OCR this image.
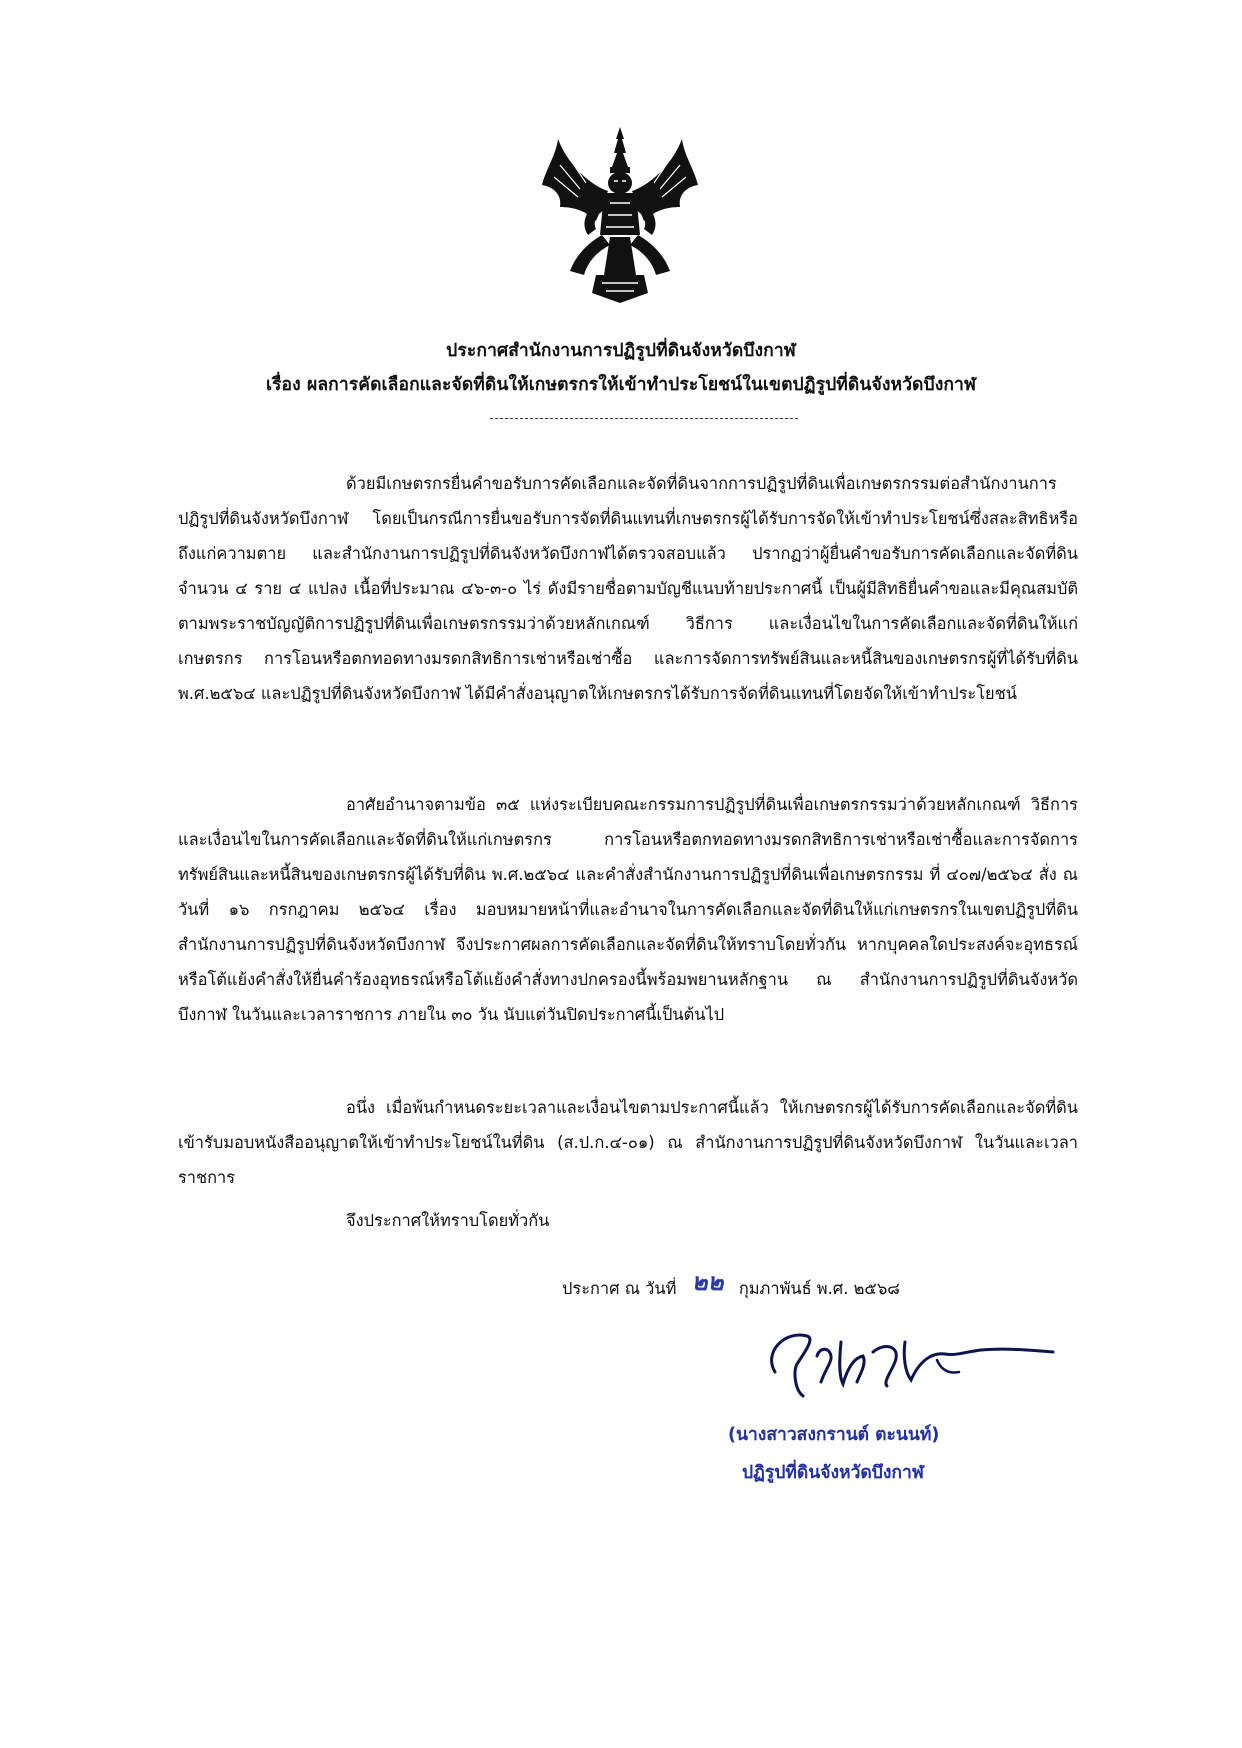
ประกาศสำนักงานการปฏิรูปที่ดินจังหวัดบึงกาฬ
เรื่อง ผลการคัดเลือกและจัดที่ดินให้เกษตรกรให้เข้าทำประโยชน์ในเขตปฏิรูปที่ดินจังหวัดบึงกาฬ

ด้วยมีเกษตรกรยื่นคำขอรับการคัดเลือกและจัดที่ดินจากการปฏิรูปที่ดินเพื่อเกษตรกรรมต่อสำนักงานการปฏิรูปที่ดินจังหวัดบึงกาฬ โดยเป็นกรณีการยื่นขอรับการจัดที่ดินแทนที่เกษตรกรผู้ได้รับการจัดให้เข้าทำประโยชน์ซึ่งสละสิทธิหรือถึงแก่ความตาย และสำนักงานการปฏิรูปที่ดินจังหวัดบึงกาฬได้ตรวจสอบแล้ว ปรากฏว่าผู้ยื่นคำขอรับการคัดเลือกและจัดที่ดิน จำนวน ๔ ราย ๔ แปลง เนื้อที่ประมาณ ๔๖-๓-๐ ไร่ ดังมีรายชื่อตามบัญชีแนบท้ายประกาศนี้ เป็นผู้มีสิทธิยื่นคำขอและมีคุณสมบัติตามพระราชบัญญัติการปฏิรูปที่ดินเพื่อเกษตรกรรมว่าด้วยหลักเกณฑ์ วิธีการ และเงื่อนไขในการคัดเลือกและจัดที่ดินให้แก่เกษตรกร การโอนหรือตกทอดทางมรดกสิทธิการเช่าหรือเช่าซื้อ และการจัดการทรัพย์สินและหนี้สินของเกษตรกรผู้ที่ได้รับที่ดิน พ.ศ.๒๕๖๔ และปฏิรูปที่ดินจังหวัดบึงกาฬ ได้มีคำสั่งอนุญาตให้เกษตรกรได้รับการจัดที่ดินแทนที่โดยจัดให้เข้าทำประโยชน์

อาศัยอำนาจตามข้อ ๓๕ แห่งระเบียบคณะกรรมการปฏิรูปที่ดินเพื่อเกษตรกรรมว่าด้วยหลักเกณฑ์ วิธีการ และเงื่อนไขในการคัดเลือกและจัดที่ดินให้แก่เกษตรกร การโอนหรือตกทอดทางมรดกสิทธิการเช่าหรือเช่าซื้อและการจัดการทรัพย์สินและหนี้สินของเกษตรกรผู้ได้รับที่ดิน พ.ศ.๒๕๖๔ และคำสั่งสำนักงานการปฏิรูปที่ดินเพื่อเกษตรกรรม ที่ ๔๐๗/๒๕๖๔ สั่ง ณ วันที่ ๑๖ กรกฎาคม ๒๕๖๔ เรื่อง มอบหมายหน้าที่และอำนาจในการคัดเลือกและจัดที่ดินให้แก่เกษตรกรในเขตปฏิรูปที่ดิน สำนักงานการปฏิรูปที่ดินจังหวัดบึงกาฬ จึงประกาศผลการคัดเลือกและจัดที่ดินให้ทราบโดยทั่วกัน หากบุคคลใดประสงค์จะอุทธรณ์หรือโต้แย้งคำสั่งให้ยื่นคำร้องอุทธรณ์หรือโต้แย้งคำสั่งทางปกครองนี้พร้อมพยานหลักฐาน ณ สำนักงานการปฏิรูปที่ดินจังหวัดบึงกาฬ ในวันและเวลาราชการ ภายใน ๓๐ วัน นับแต่วันปิดประกาศนี้เป็นต้นไป

อนึ่ง เมื่อพ้นกำหนดระยะเวลาและเงื่อนไขตามประกาศนี้แล้ว ให้เกษตรกรผู้ได้รับการคัดเลือกและจัดที่ดินเข้ารับมอบหนังสืออนุญาตให้เข้าทำประโยชน์ในที่ดิน (ส.ป.ก.๔-๐๑) ณ สำนักงานการปฏิรูปที่ดินจังหวัดบึงกาฬ ในวันและเวลาราชการ

จึงประกาศให้ทราบโดยทั่วกัน

ประกาศ ณ วันที่ ๒๒ กุมภาพันธ์ พ.ศ. ๒๕๖๘
(นางสาวสงกรานต์ ตะนนท์)
ปฏิรูปที่ดินจังหวัดบึงกาฬ
